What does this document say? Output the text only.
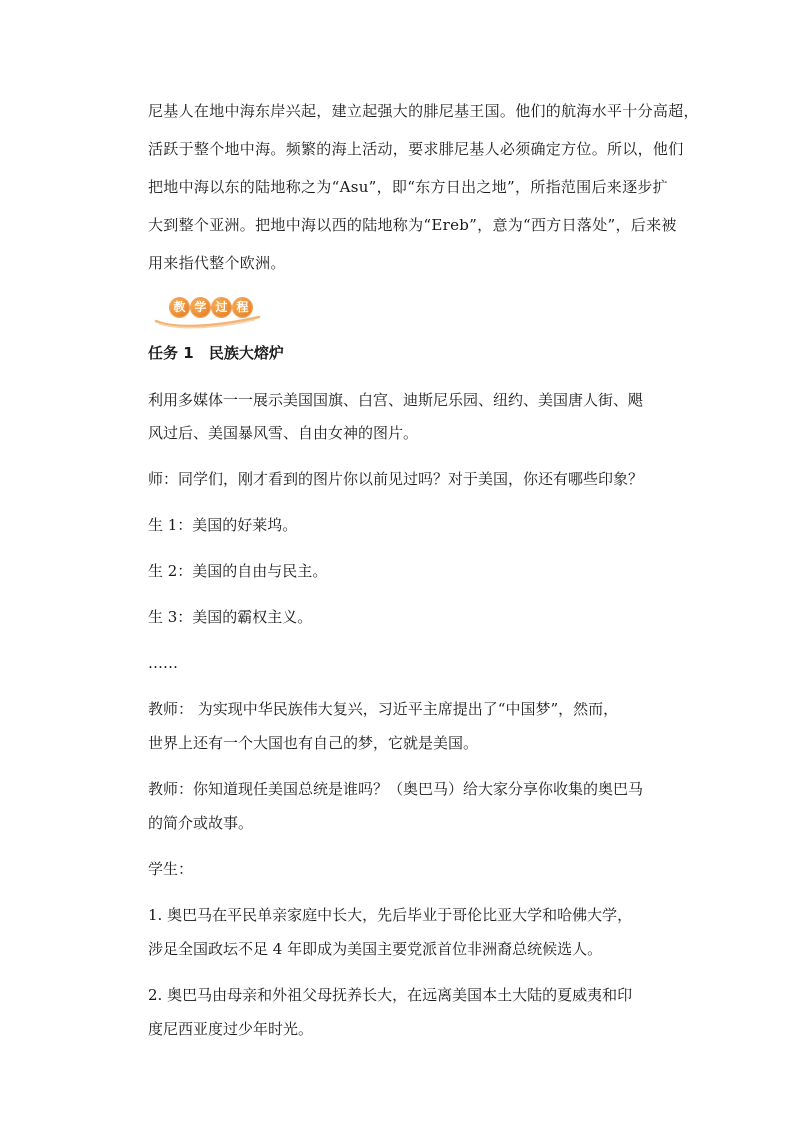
尼基人在地中海东岸兴起，建立起强大的腓尼基王国。他们的航海水平十分高超，
活跃于整个地中海。频繁的海上活动，要求腓尼基人必须确定方位。所以，他们
把地中海以东的陆地称之为“Asu”，即“东方日出之地”，所指范围后来逐步扩
大到整个亚洲。把地中海以西的陆地称为“Ereb”，意为“西方日落处”，后来被
用来指代整个欧洲。
教 学 过 程
任务 1 民族大熔炉
利用多媒体一一展示美国国旗、白宫、迪斯尼乐园、纽约、美国唐人街、飓
风过后、美国暴风雪、自由女神的图片。
师：同学们，刚才看到的图片你以前见过吗？对于美国，你还有哪些印象？
生 1：美国的好莱坞。
生 2：美国的自由与民主。
生 3：美国的霸权主义。
……
教师： 为实现中华民族伟大复兴，习近平主席提出了“中国梦”，然而，
世界上还有一个大国也有自己的梦，它就是美国。
教师：你知道现任美国总统是谁吗？（奥巴马）给大家分享你收集的奥巴马
的简介或故事。
学生：
1. 奥巴马在平民单亲家庭中长大，先后毕业于哥伦比亚大学和哈佛大学，
涉足全国政坛不足 4 年即成为美国主要党派首位非洲裔总统候选人。
2. 奥巴马由母亲和外祖父母抚养长大，在远离美国本土大陆的夏威夷和印
度尼西亚度过少年时光。
